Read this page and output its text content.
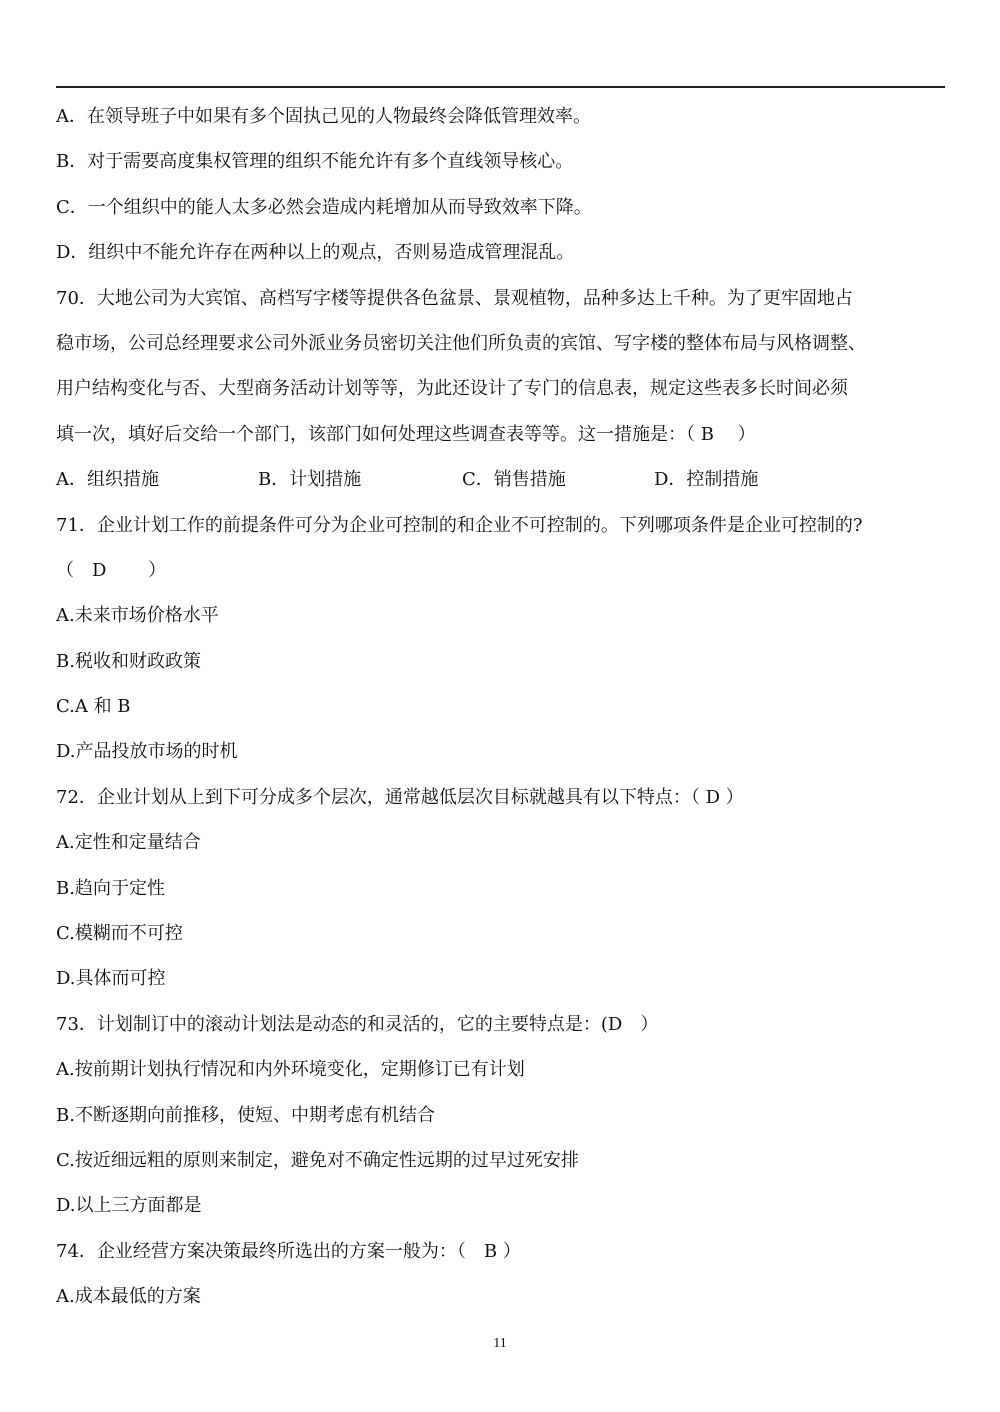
A．在领导班子中如果有多个固执己见的人物最终会降低管理效率。
B．对于需要高度集权管理的组织不能允许有多个直线领导核心。
C．一个组织中的能人太多必然会造成内耗增加从而导致效率下降。
D．组织中不能允许存在两种以上的观点，否则易造成管理混乱。
70．大地公司为大宾馆、高档写字楼等提供各色盆景、景观植物，品种多达上千种。为了更牢固地占
稳市场，公司总经理要求公司外派业务员密切关注他们所负责的宾馆、写字楼的整体布局与风格调整、
用户结构变化与否、大型商务活动计划等等，为此还设计了专门的信息表，规定这些表多长时间必须
填一次，填好后交给一个部门，该部门如何处理这些调查表等等。这一措施是：（ B　 ）
A．组织措施	B．计划措施	C．销售措施	D．控制措施
71．企业计划工作的前提条件可分为企业可控制的和企业不可控制的。下列哪项条件是企业可控制的?
（　D　　 ）
A.未来市场价格水平
B.税收和财政政策
C.A 和 B
D.产品投放市场的时机
72．企业计划从上到下可分成多个层次，通常越低层次目标就越具有以下特点：（ D ）
A.定性和定量结合
B.趋向于定性
C.模糊而不可控
D.具体而可控
73．计划制订中的滚动计划法是动态的和灵活的，它的主要特点是：(D　）
A.按前期计划执行情况和内外环境变化，定期修订已有计划
B.不断逐期向前推移，使短、中期考虑有机结合
C.按近细远粗的原则来制定，避免对不确定性远期的过早过死安排
D.以上三方面都是
74．企业经营方案决策最终所选出的方案一般为：（　B ）
A.成本最低的方案
11
